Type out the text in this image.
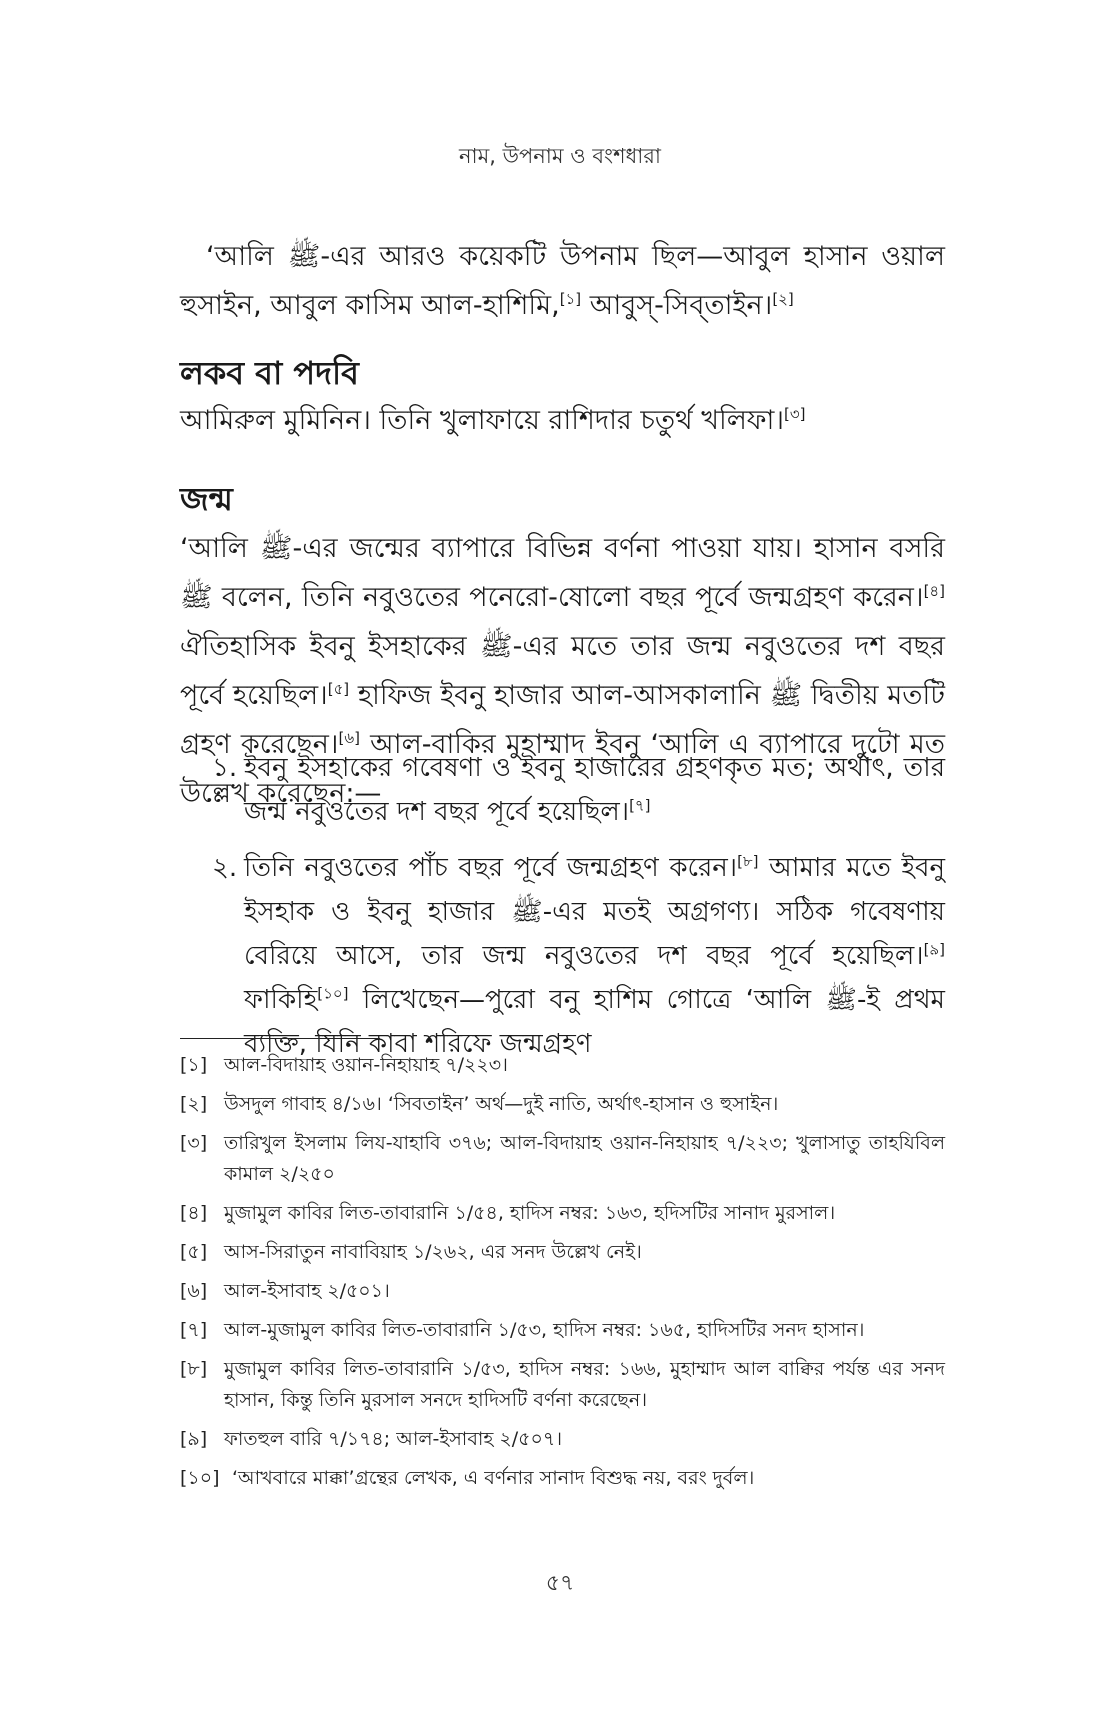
নাম, উপনাম ও বংশধারা

‘আলি ﷺ-এর আরও কয়েকটি উপনাম ছিল—আবুল হাসান ওয়াল হুসাইন, আবুল কাসিম আল-হাশিমি,[১] আবুস্-সিব্তাইন।[২]

লকব বা পদবি

আমিরুল মুমিনিন। তিনি খুলাফায়ে রাশিদার চতুর্থ খলিফা।[৩]

জন্ম

‘আলি ﷺ-এর জন্মের ব্যাপারে বিভিন্ন বর্ণনা পাওয়া যায়। হাসান বসরি ﷺ বলেন, তিনি নবুওতের পনেরো-ষোলো বছর পূর্বে জন্মগ্রহণ করেন।[৪] ঐতিহাসিক ইবনু ইসহাকের ﷺ-এর মতে তার জন্ম নবুওতের দশ বছর পূর্বে হয়েছিল।[৫] হাফিজ ইবনু হাজার আল-আসকালানি ﷺ দ্বিতীয় মতটি গ্রহণ করেছেন।[৬] আল-বাকির মুহাম্মাদ ইবনু ‘আলি এ ব্যাপারে দুটো মত উল্লেখ করেছেন:—

১. ইবনু ইসহাকের গবেষণা ও ইবনু হাজারের গ্রহণকৃত মত; অর্থাৎ, তার জন্ম নবুওতের দশ বছর পূর্বে হয়েছিল।[৭]
২. তিনি নবুওতের পাঁচ বছর পূর্বে জন্মগ্রহণ করেন।[৮] আমার মতে ইবনু ইসহাক ও ইবনু হাজার ﷺ-এর মতই অগ্রগণ্য। সঠিক গবেষণায় বেরিয়ে আসে, তার জন্ম নবুওতের দশ বছর পূর্বে হয়েছিল।[৯] ফাকিহি[১০] লিখেছেন—পুরো বনু হাশিম গোত্রে ‘আলি ﷺ-ই প্রথম ব্যক্তি, যিনি কাবা শরিফে জন্মগ্রহণ
[১] আল-বিদায়াহ ওয়ান-নিহায়াহ ৭/২২৩।
[২] উসদুল গাবাহ ৪/১৬। ‘সিবতাইন’ অর্থ—দুই নাতি, অর্থাৎ-হাসান ও হুসাইন।
[৩] তারিখুল ইসলাম লিয-যাহাবি ৩৭৬; আল-বিদায়াহ ওয়ান-নিহায়াহ ৭/২২৩; খুলাসাতু তাহযিবিল কামাল ২/২৫০
[৪] মুজামুল কাবির লিত-তাবারানি ১/৫৪, হাদিস নম্বর: ১৬৩, হদিসটির সানাদ মুরসাল।
[৫] আস-সিরাতুন নাবাবিয়াহ ১/২৬২, এর সনদ উল্লেখ নেই।
[৬] আল-ইসাবাহ ২/৫০১।
[৭] আল-মুজামুল কাবির লিত-তাবারানি ১/৫৩, হাদিস নম্বর: ১৬৫, হাদিসটির সনদ হাসান।
[৮] মুজামুল কাবির লিত-তাবারানি ১/৫৩, হাদিস নম্বর: ১৬৬, মুহাম্মাদ আল বাক্বির পর্যন্ত এর সনদ হাসান, কিন্তু তিনি মুরসাল সনদে হাদিসটি বর্ণনা করেছেন।
[৯] ফাতহুল বারি ৭/১৭৪; আল-ইসাবাহ ২/৫০৭।
[১০] ‘আখবারে মাক্কা’গ্রন্থের লেখক, এ বর্ণনার সানাদ বিশুদ্ধ নয়, বরং দুর্বল।
৫৭
